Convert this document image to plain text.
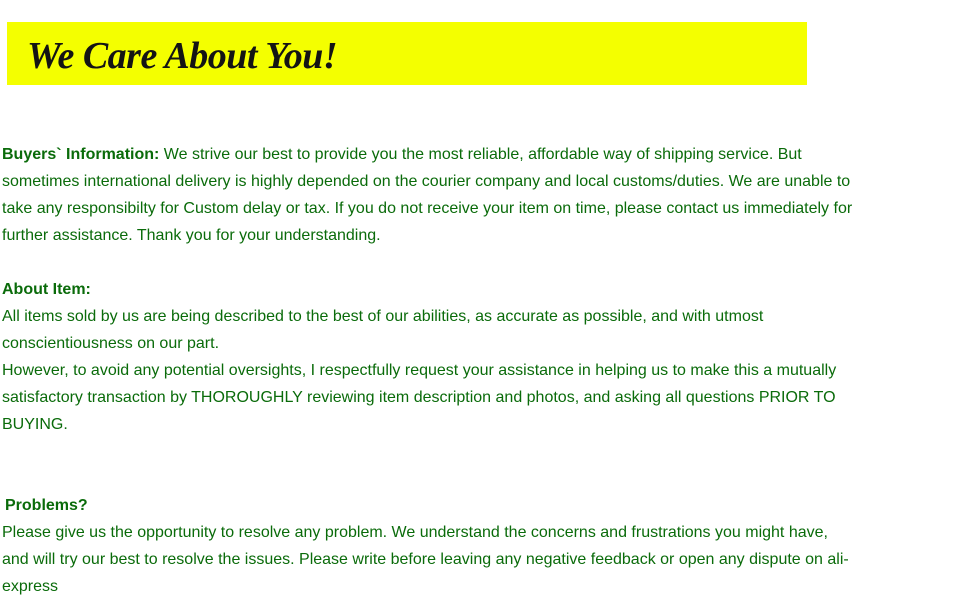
We Care About You!

Buyers` Information: We strive our best to provide you the most reliable, affordable way of shipping service. But

sometimes international delivery is highly depended on the courier company and local customs/duties. We are unable to

take any responsibilty for Custom delay or tax. If you do not receive your item on time, please contact us immediately for

further assistance. Thank you for your understanding.

About Item:

All items sold by us are being described to the best of our abilities, as accurate as possible, and with utmost

conscientiousness on our part.

However, to avoid any potential oversights, I respectfully request your assistance in helping us to make this a mutually

satisfactory transaction by THOROUGHLY reviewing item description and photos, and asking all questions PRIOR TO

BUYING.

Problems?

Please give us the opportunity to resolve any problem. We understand the concerns and frustrations you might have,

and will try our best to resolve the issues. Please write before leaving any negative feedback or open any dispute on ali-

express
